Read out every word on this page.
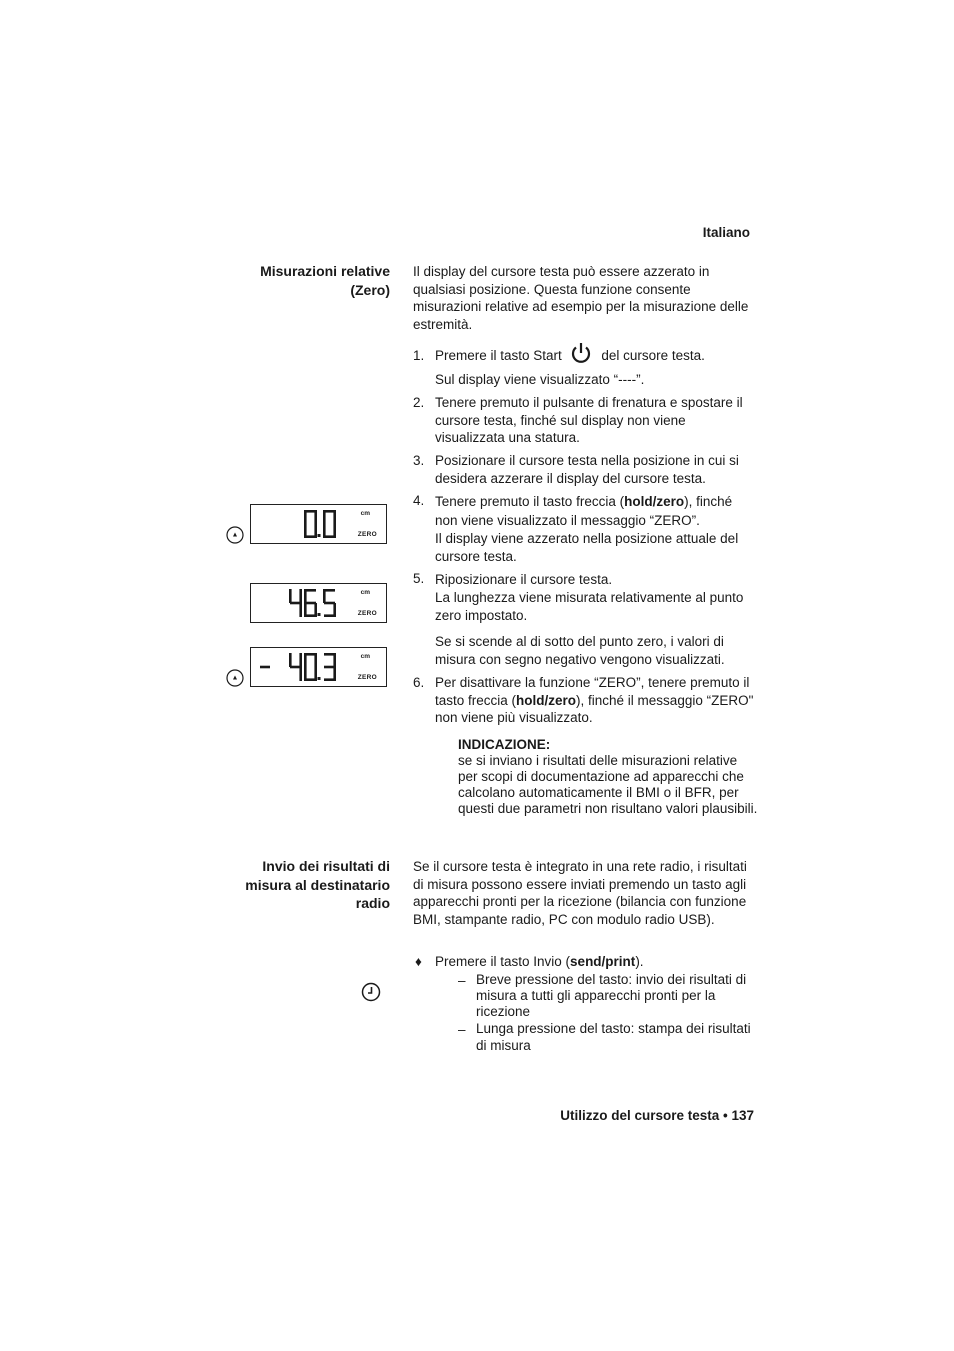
Italiano
Misurazioni relative
(Zero)
Il display del cursore testa può essere azzerato in qualsiasi posizione. Questa funzione consente misurazioni relative ad esempio per la misurazione delle estremità.
1. Premere il tasto Start	del cursore testa.
Sul display viene visualizzato “----”.
2. Tenere premuto il pulsante di frenatura e spostare il cursore testa, finché sul display non viene visualizzata una statura.
3. Posizionare il cursore testa nella posizione in cui si desidera azzerare il display del cursore testa.
4. Tenere premuto il tasto freccia (hold/zero), finché non viene visualizzato il messaggio “ZERO”.
Il display viene azzerato nella posizione attuale del cursore testa.
5. Riposizionare il cursore testa.
La lunghezza viene misurata relativamente al punto zero impostato.
Se si scende al di sotto del punto zero, i valori di misura con segno negativo vengono visualizzati.
6. Per disattivare la funzione “ZERO”, tenere premuto il tasto freccia (hold/zero), finché il messaggio “ZERO" non viene più visualizzato.
INDICAZIONE:
se si inviano i risultati delle misurazioni relative per scopi di documentazione ad apparecchi che calcolano automaticamente il BMI o il BFR, per questi due parametri non risultano valori plausibili.
cm
ZERO
cm
ZERO
cm
ZERO
Invio dei risultati di
misura al destinatario
radio
Se il cursore testa è integrato in una rete radio, i risultati di misura possono essere inviati premendo un tasto agli apparecchi pronti per la ricezione (bilancia con funzione BMI, stampante radio, PC con modulo radio USB).
♦ Premere il tasto Invio (send/print).
– Breve pressione del tasto: invio dei risultati di misura a tutti gli apparecchi pronti per la ricezione
– Lunga pressione del tasto: stampa dei risultati di misura
Utilizzo del cursore testa • 137
